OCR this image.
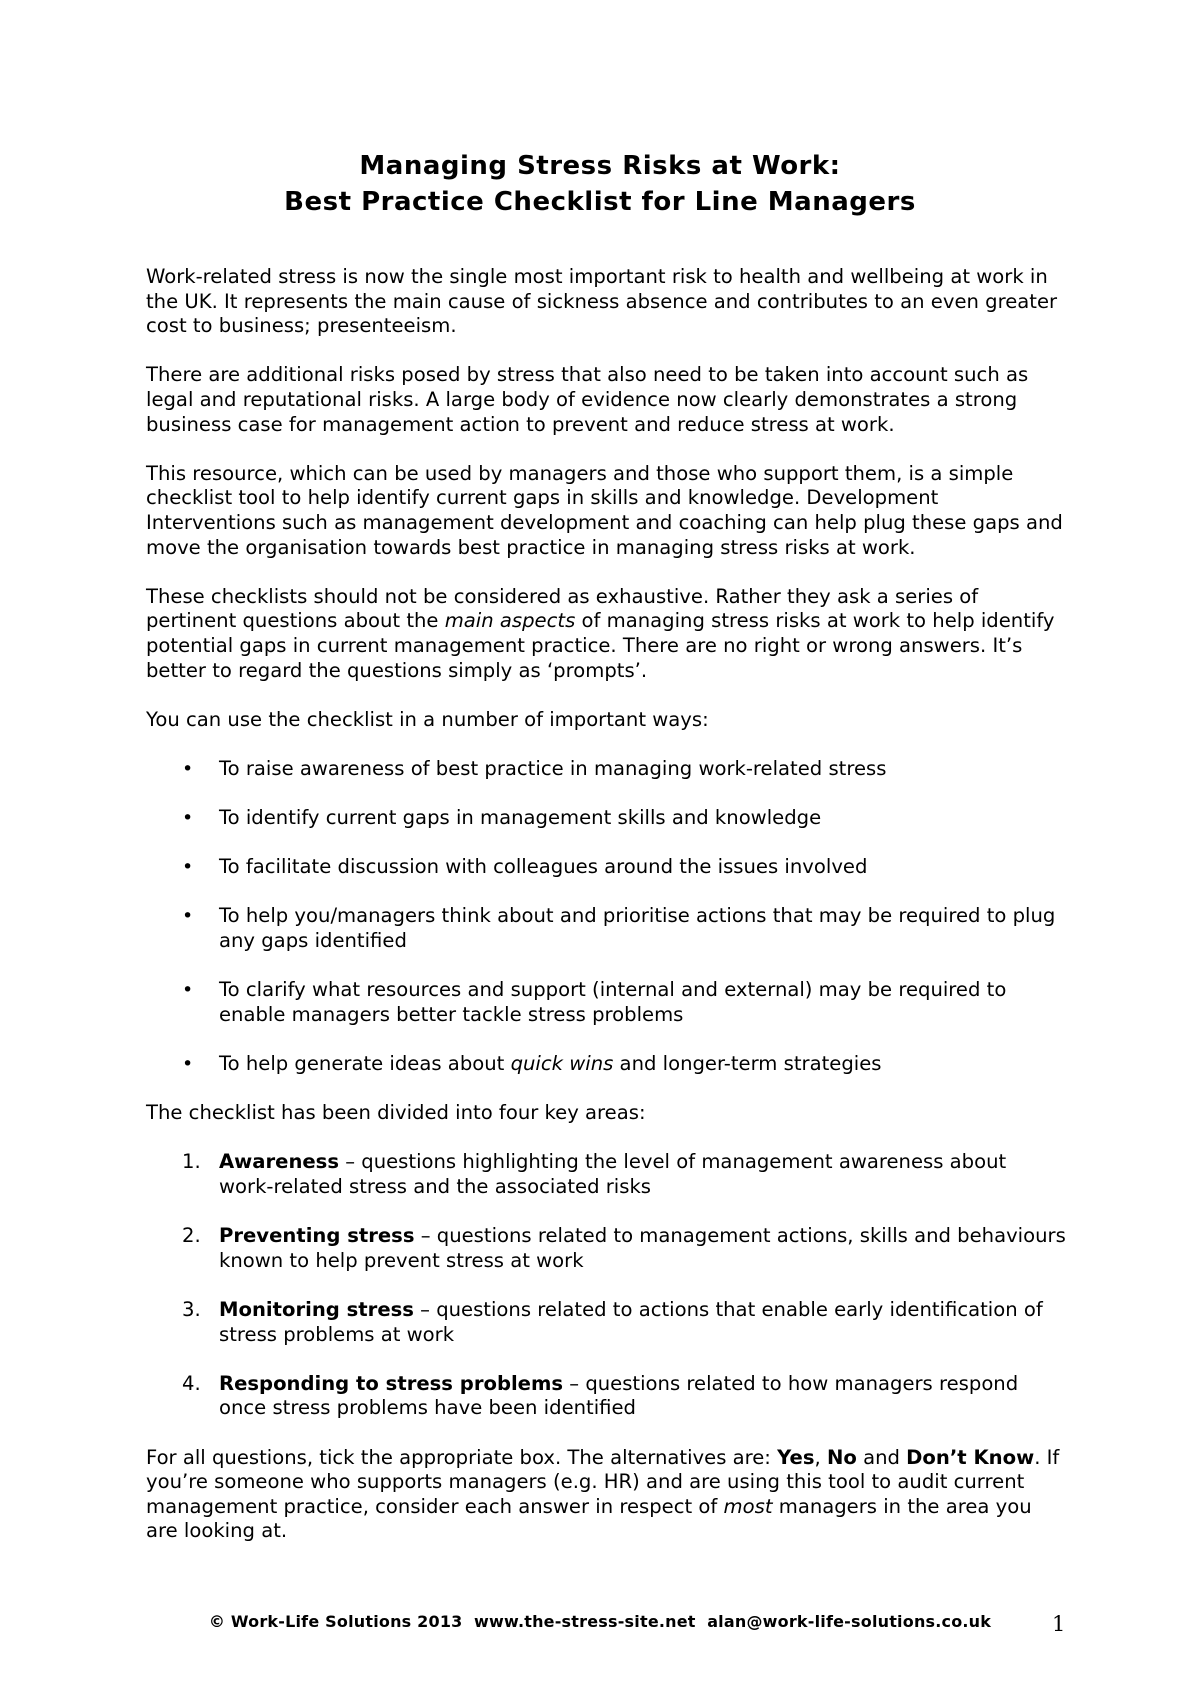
Managing Stress Risks at Work:
Best Practice Checklist for Line Managers

Work-related stress is now the single most important risk to health and wellbeing at work in the UK. It represents the main cause of sickness absence and contributes to an even greater cost to business; presenteeism.

There are additional risks posed by stress that also need to be taken into account such as legal and reputational risks. A large body of evidence now clearly demonstrates a strong business case for management action to prevent and reduce stress at work.

This resource, which can be used by managers and those who support them, is a simple checklist tool to help identify current gaps in skills and knowledge. Development Interventions such as management development and coaching can help plug these gaps and move the organisation towards best practice in managing stress risks at work.

These checklists should not be considered as exhaustive. Rather they ask a series of pertinent questions about the main aspects of managing stress risks at work to help identify potential gaps in current management practice. There are no right or wrong answers. It’s better to regard the questions simply as ‘prompts’.

You can use the checklist in a number of important ways:

• To raise awareness of best practice in managing work-related stress
• To identify current gaps in management skills and knowledge
• To facilitate discussion with colleagues around the issues involved
• To help you/managers think about and prioritise actions that may be required to plug any gaps identified
• To clarify what resources and support (internal and external) may be required to enable managers better tackle stress problems
• To help generate ideas about quick wins and longer-term strategies

The checklist has been divided into four key areas:

1. Awareness – questions highlighting the level of management awareness about work-related stress and the associated risks
2. Preventing stress – questions related to management actions, skills and behaviours known to help prevent stress at work
3. Monitoring stress – questions related to actions that enable early identification of stress problems at work
4. Responding to stress problems – questions related to how managers respond once stress problems have been identified

For all questions, tick the appropriate box. The alternatives are: Yes, No and Don’t Know. If you’re someone who supports managers (e.g. HR) and are using this tool to audit current management practice, consider each answer in respect of most managers in the area you are looking at.

© Work-Life Solutions 2013 www.the-stress-site.net alan@work-life-solutions.co.uk	1
